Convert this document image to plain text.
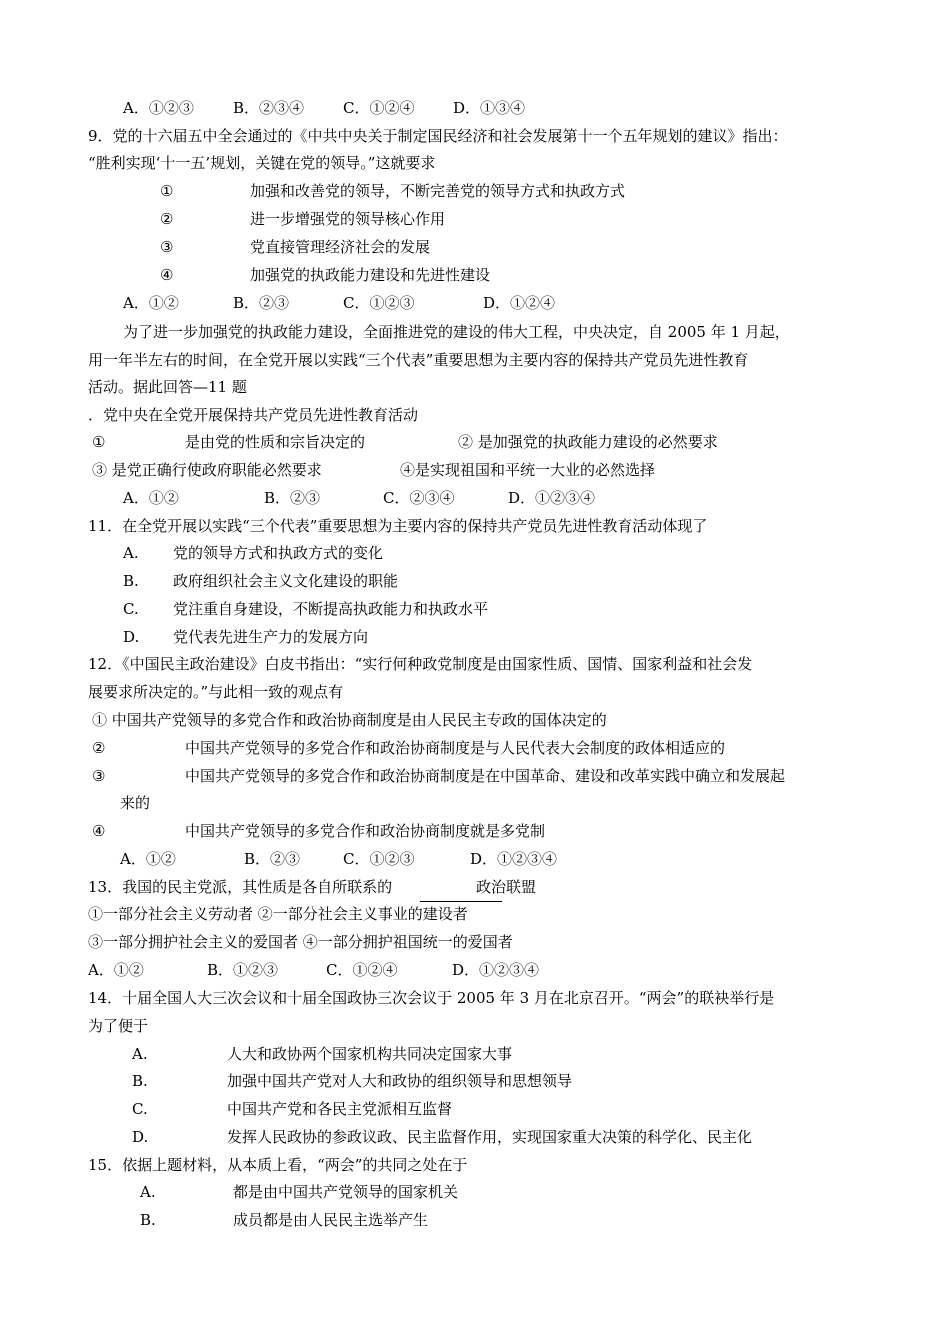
A．①②③	B．②③④	C．①②④	D．①③④
9．党的十六届五中全会通过的《中共中央关于制定国民经济和社会发展第十一个五年规划的建议》指出：
“胜利实现‘十一五’规划，关键在党的领导。”这就要求
①	加强和改善党的领导，不断完善党的领导方式和执政方式
②	进一步增强党的领导核心作用
③	党直接管理经济社会的发展
④	加强党的执政能力建设和先进性建设
A．①②	B．②③	C．①②③	D．①②④
为了进一步加强党的执政能力建设，全面推进党的建设的伟大工程，中央决定，自 2005 年 1 月起，
用一年半左右的时间，在全党开展以实践“三个代表”重要思想为主要内容的保持共产党员先进性教育
活动。据此回答—11 题
．党中央在全党开展保持共产党员先进性教育活动
①	是由党的性质和宗旨决定的	② 是加强党的执政能力建设的必然要求
③ 是党正确行使政府职能必然要求	④是实现祖国和平统一大业的必然选择
A．①②	B．②③	C．②③④	D．①②③④
11．在全党开展以实践“三个代表”重要思想为主要内容的保持共产党员先进性教育活动体现了
A. 党的领导方式和执政方式的变化
B. 政府组织社会主义文化建设的职能
C. 党注重自身建设，不断提高执政能力和执政水平
D. 党代表先进生产力的发展方向
12．《中国民主政治建设》白皮书指出：“实行何种政党制度是由国家性质、国情、国家利益和社会发
展要求所决定的。”与此相一致的观点有
① 中国共产党领导的多党合作和政治协商制度是由人民民主专政的国体决定的
②	中国共产党领导的多党合作和政治协商制度是与人民代表大会制度的政体相适应的
③	中国共产党领导的多党合作和政治协商制度是在中国革命、建设和改革实践中确立和发展起
来的
④	中国共产党领导的多党合作和政治协商制度就是多党制
A．①②	B．②③	C．①②③	D．①②③④
13．我国的民主党派，其性质是各自所联系的	政治联盟
①一部分社会主义劳动者 ②一部分社会主义事业的建设者
③一部分拥护社会主义的爱国者 ④一部分拥护祖国统一的爱国者
A．①②	B．①②③	C．①②④	D．①②③④
14．十届全国人大三次会议和十届全国政协三次会议于 2005 年 3 月在北京召开。“两会”的联袂举行是
为了便于
A.	人大和政协两个国家机构共同决定国家大事
B.	加强中国共产党对人大和政协的组织领导和思想领导
C.	中国共产党和各民主党派相互监督
D.	发挥人民政协的参政议政、民主监督作用，实现国家重大决策的科学化、民主化
15．依据上题材料，从本质上看，“两会”的共同之处在于
A.	都是由中国共产党领导的国家机关
B.	成员都是由人民民主选举产生
